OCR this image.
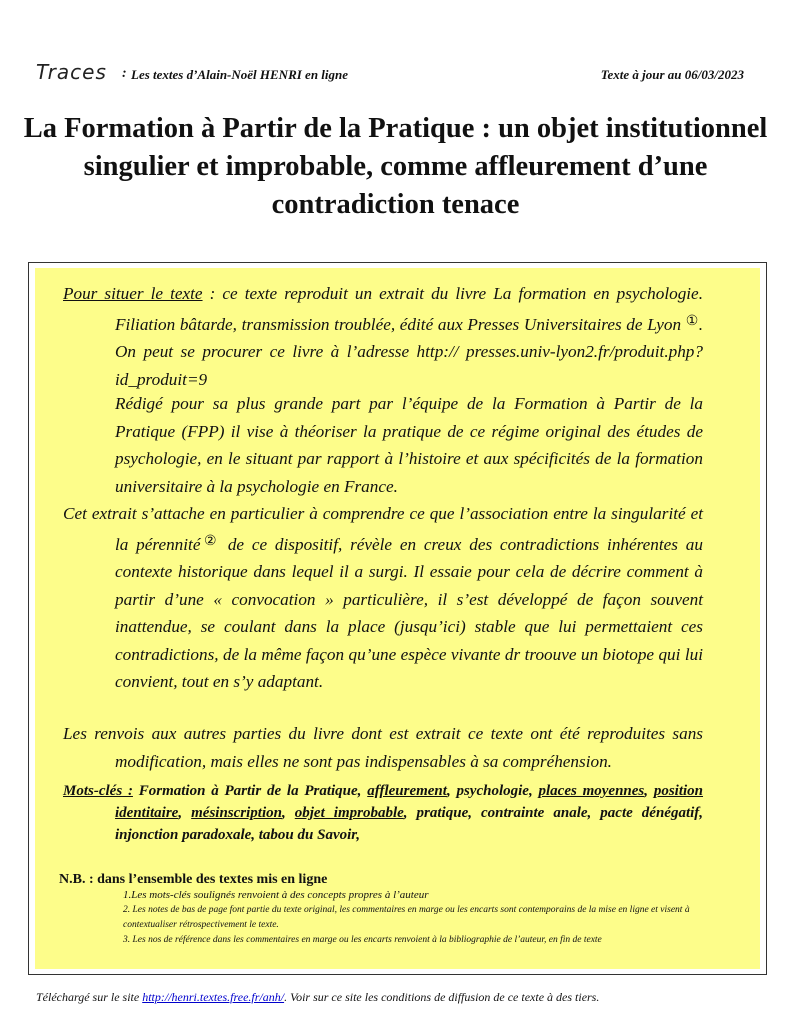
Traces : Les textes d’Alain-Noël HENRI en ligne	Texte à jour au 06/03/2023
La Formation à Partir de la Pratique : un objet institutionnel singulier et improbable, comme affleurement d’une contradiction tenace
Pour situer le texte : ce texte reproduit un extrait du livre La formation en psychologie. Filiation bâtarde, transmission troublée, édité aux Presses Universitaires de Lyon ①. On peut se procurer ce livre à l’adresse http:// presses.univ-lyon2.fr/produit.php?id_produit=9
Rédigé pour sa plus grande part par l’équipe de la Formation à Partir de la Pratique (FPP) il vise à théoriser la pratique de ce régime original des études de psychologie, en le situant par rapport à l’histoire et aux spécificités de la formation universitaire à la psychologie en France.
Cet extrait s’attache en particulier à comprendre ce que l’association entre la singularité et la pérennité② de ce dispositif, révèle en creux des contradictions inhérentes au contexte historique dans lequel il a surgi. Il essaie pour cela de décrire comment à partir d’une « convocation » particulière, il s’est développé de façon souvent inattendue, se coulant dans la place (jusqu’ici) stable que lui permettaient ces contradictions, de la même façon qu’une espèce vivante dr troouve un biotope qui lui convient, tout en s’y adaptant.
Les renvois aux autres parties du livre dont est extrait ce texte ont été reproduites sans modification, mais elles ne sont pas indispensables à sa compréhension.
Mots-clés : Formation à Partir de la Pratique, affleurement, psychologie, places moyennes, position identitaire, mésinscription, objet improbable, pratique, contrainte anale, pacte dénégatif, injonction paradoxale, tabou du Savoir,
N.B. : dans l’ensemble des textes mis en ligne
1.Les mots-clés soulignés renvoient à des concepts propres à l’auteur
2. Les notes de bas de page font partie du texte original, les commentaires en marge ou les encarts sont contemporains de la mise en ligne et visent à contextualiser rétrospectivement le texte.
3. Les nos de référence dans les commentaires en marge ou les encarts renvoient à la bibliographie de l’auteur, en fin de texte
Téléchargé sur le site http://henri.textes.free.fr/anh/. Voir sur ce site les conditions de diffusion de ce texte à des tiers.
